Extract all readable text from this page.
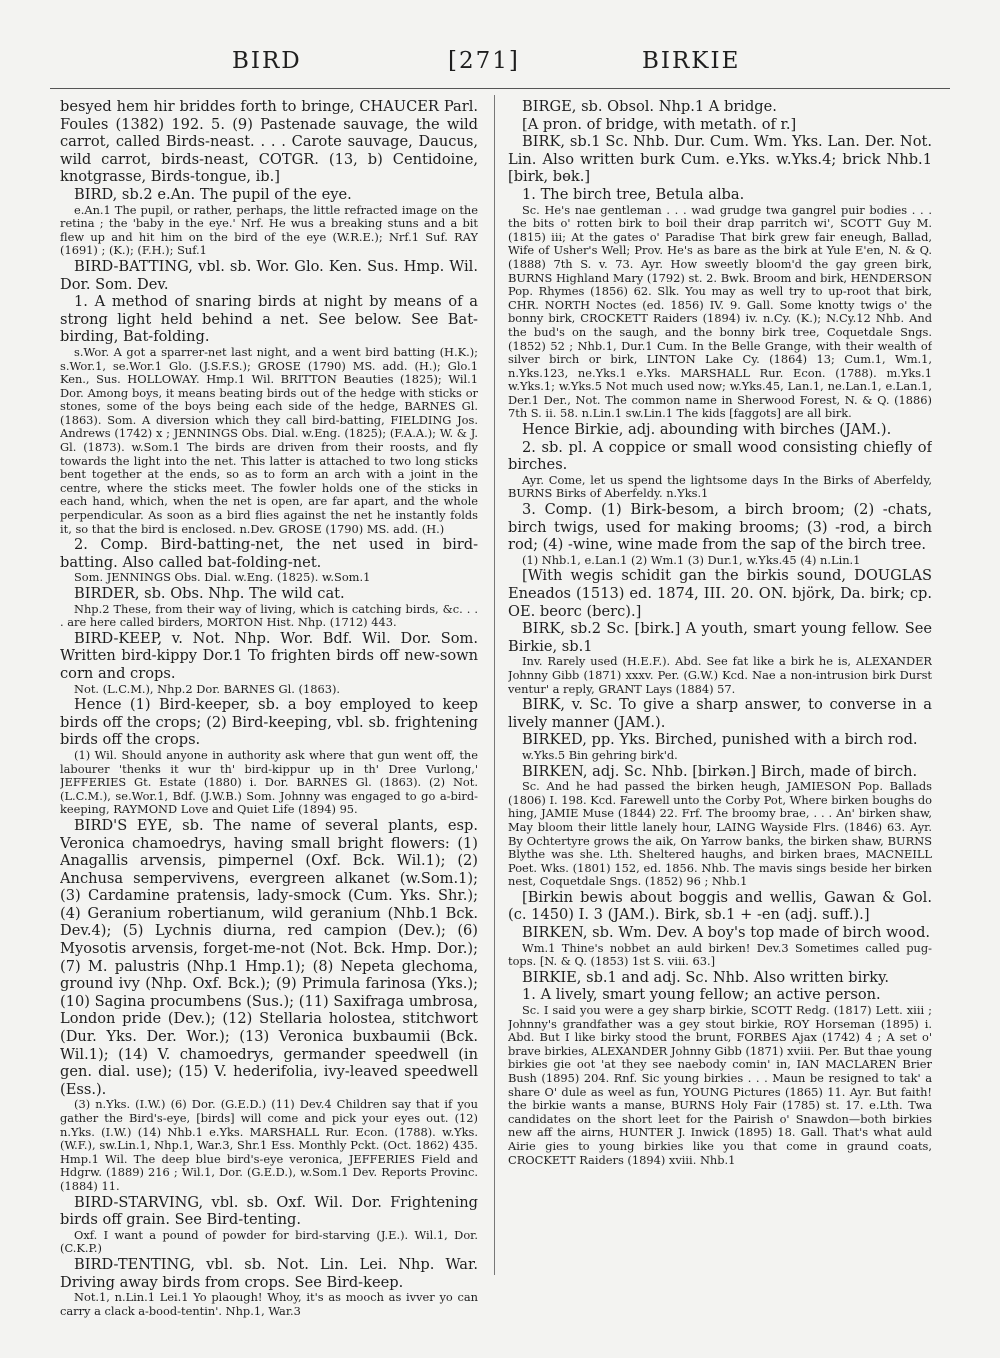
BIRD	[271]	BIRKIE

besyed hem hir briddes forth to bringe, CHAUCER Parl. Foules (1382) 192. 5. (9) Pastenade sauvage, the wild carrot, called Birds-neast. . . . Carote sauvage, Daucus, wild carrot, birds-neast, COTGR. (13, b) Centidoine, knotgrasse, Birds-tongue, ib.]

BIRD, sb.2 e.An. The pupil of the eye.

e.An.1 The pupil, or rather, perhaps, the little refracted image on the retina ; the 'baby in the eye.' Nrf. He wus a breaking stuns and a bit flew up and hit him on the bird of the eye (W.R.E.); Nrf.1 Suf. RAY (1691) ; (K.); (F.H.); Suf.1

BIRD-BATTING, vbl. sb. Wor. Glo. Ken. Sus. Hmp. Wil. Dor. Som. Dev.

1. A method of snaring birds at night by means of a strong light held behind a net. See below. See Bat-birding, Bat-folding.

s.Wor. A got a sparrer-net last night, and a went bird batting (H.K.); s.Wor.1, se.Wor.1 Glo. (J.S.F.S.); GROSE (1790) MS. add. (H.); Glo.1 Ken., Sus. HOLLOWAY. Hmp.1 Wil. BRITTON Beauties (1825); Wil.1 Dor. Among boys, it means beating birds out of the hedge with sticks or stones, some of the boys being each side of the hedge, BARNES Gl. (1863). Som. A diversion which they call bird-batting, FIELDING Jos. Andrews (1742) x ; JENNINGS Obs. Dial. w.Eng. (1825); (F.A.A.); W. & J. Gl. (1873). w.Som.1 The birds are driven from their roosts, and fly towards the light into the net. This latter is attached to two long sticks bent together at the ends, so as to form an arch with a joint in the centre, where the sticks meet. The fowler holds one of the sticks in each hand, which, when the net is open, are far apart, and the whole perpendicular. As soon as a bird flies against the net he instantly folds it, so that the bird is enclosed. n.Dev. GROSE (1790) MS. add. (H.)

2. Comp. Bird-batting-net, the net used in bird-batting. Also called bat-folding-net.

Som. JENNINGS Obs. Dial. w.Eng. (1825). w.Som.1

BIRDER, sb. Obs. Nhp. The wild cat.

Nhp.2 These, from their way of living, which is catching birds, &c. . . . are here called birders, MORTON Hist. Nhp. (1712) 443.

BIRD-KEEP, v. Not. Nhp. Wor. Bdf. Wil. Dor. Som. Written bird-kippy Dor.1 To frighten birds off new-sown corn and crops.

Not. (L.C.M.), Nhp.2 Dor. BARNES Gl. (1863).

Hence (1) Bird-keeper, sb. a boy employed to keep birds off the crops; (2) Bird-keeping, vbl. sb. frightening birds off the crops.

(1) Wil. Should anyone in authority ask where that gun went off, the labourer 'thenks it wur th' bird-kippur up in th' Dree Vurlong,' JEFFERIES Gt. Estate (1880) i. Dor. BARNES Gl. (1863). (2) Not. (L.C.M.), se.Wor.1, Bdf. (J.W.B.) Som. Johnny was engaged to go a-bird-keeping, RAYMOND Love and Quiet Life (1894) 95.

BIRD'S EYE, sb. The name of several plants, esp. Veronica chamoedrys, having small bright flowers: (1) Anagallis arvensis, pimpernel (Oxf. Bck. Wil.1); (2) Anchusa sempervivens, evergreen alkanet (w.Som.1); (3) Cardamine pratensis, lady-smock (Cum. Yks. Shr.); (4) Geranium robertianum, wild geranium (Nhb.1 Bck. Dev.4); (5) Lychnis diurna, red campion (Dev.); (6) Myosotis arvensis, forget-me-not (Not. Bck. Hmp. Dor.); (7) M. palustris (Nhp.1 Hmp.1); (8) Nepeta glechoma, ground ivy (Nhp. Oxf. Bck.); (9) Primula farinosa (Yks.); (10) Sagina procumbens (Sus.); (11) Saxifraga umbrosa, London pride (Dev.); (12) Stellaria holostea, stitchwort (Dur. Yks. Der. Wor.); (13) Veronica buxbaumii (Bck. Wil.1); (14) V. chamoedrys, germander speedwell (in gen. dial. use); (15) V. hederifolia, ivy-leaved speedwell (Ess.).

(3) n.Yks. (I.W.) (6) Dor. (G.E.D.) (11) Dev.4 Children say that if you gather the Bird's-eye, [birds] will come and pick your eyes out. (12) n.Yks. (I.W.) (14) Nhb.1 e.Yks. MARSHALL Rur. Econ. (1788). w.Yks. (W.F.), sw.Lin.1, Nhp.1, War.3, Shr.1 Ess. Monthly Pckt. (Oct. 1862) 435. Hmp.1 Wil. The deep blue bird's-eye veronica, JEFFERIES Field and Hdgrw. (1889) 216 ; Wil.1, Dor. (G.E.D.), w.Som.1 Dev. Reports Provinc. (1884) 11.

BIRD-STARVING, vbl. sb. Oxf. Wil. Dor. Frightening birds off grain. See Bird-tenting.

Oxf. I want a pound of powder for bird-starving (J.E.). Wil.1, Dor. (C.K.P.)

BIRD-TENTING, vbl. sb. Not. Lin. Lei. Nhp. War. Driving away birds from crops. See Bird-keep.

Not.1, n.Lin.1 Lei.1 Yo plaough! Whoy, it's as mooch as ivver yo can carry a clack a-bood-tentin'. Nhp.1, War.3

BIRGE, sb. Obsol. Nhp.1 A bridge.

[A pron. of bridge, with metath. of r.]

BIRK, sb.1 Sc. Nhb. Dur. Cum. Wm. Yks. Lan. Der. Not. Lin. Also written burk Cum. e.Yks. w.Yks.4; brick Nhb.1 [birk, bɵk.]

1. The birch tree, Betula alba.

Sc. He's nae gentleman . . . wad grudge twa gangrel puir bodies . . . the bits o' rotten birk to boil their drap parritch wi', SCOTT Guy M. (1815) iii; At the gates o' Paradise That birk grew fair eneugh, Ballad, Wife of Usher's Well; Prov. He's as bare as the birk at Yule E'en, N. & Q. (1888) 7th S. v. 73. Ayr. How sweetly bloom'd the gay green birk, BURNS Highland Mary (1792) st. 2. Bwk. Broom and birk, HENDERSON Pop. Rhymes (1856) 62. Slk. You may as well try to up-root that birk, CHR. NORTH Noctes (ed. 1856) IV. 9. Gall. Some knotty twigs o' the bonny birk, CROCKETT Raiders (1894) iv. n.Cy. (K.); N.Cy.12 Nhb. And the bud's on the saugh, and the bonny birk tree, Coquetdale Sngs. (1852) 52 ; Nhb.1, Dur.1 Cum. In the Belle Grange, with their wealth of silver birch or birk, LINTON Lake Cy. (1864) 13; Cum.1, Wm.1, n.Yks.123, ne.Yks.1 e.Yks. MARSHALL Rur. Econ. (1788). m.Yks.1 w.Yks.1; w.Yks.5 Not much used now; w.Yks.45, Lan.1, ne.Lan.1, e.Lan.1, Der.1 Der., Not. The common name in Sherwood Forest, N. & Q. (1886) 7th S. ii. 58. n.Lin.1 sw.Lin.1 The kids [faggots] are all birk.

Hence Birkie, adj. abounding with birches (JAM.).

2. sb. pl. A coppice or small wood consisting chiefly of birches.

Ayr. Come, let us spend the lightsome days In the Birks of Aberfeldy, BURNS Birks of Aberfeldy. n.Yks.1

3. Comp. (1) Birk-besom, a birch broom; (2) -chats, birch twigs, used for making brooms; (3) -rod, a birch rod; (4) -wine, wine made from the sap of the birch tree.

(1) Nhb.1, e.Lan.1 (2) Wm.1 (3) Dur.1, w.Yks.45 (4) n.Lin.1

[With wegis schidit gan the birkis sound, DOUGLAS Eneados (1513) ed. 1874, III. 20. ON. björk, Da. birk; cp. OE. beorc (berc).]

BIRK, sb.2 Sc. [birk.] A youth, smart young fellow. See Birkie, sb.1

Inv. Rarely used (H.E.F.). Abd. See fat like a birk he is, ALEXANDER Johnny Gibb (1871) xxxv. Per. (G.W.) Kcd. Nae a non-intrusion birk Durst ventur' a reply, GRANT Lays (1884) 57.

BIRK, v. Sc. To give a sharp answer, to converse in a lively manner (JAM.).

BIRKED, pp. Yks. Birched, punished with a birch rod.

w.Yks.5 Bin gehring birk'd.

BIRKEN, adj. Sc. Nhb. [birkən.] Birch, made of birch.

Sc. And he had passed the birken heugh, JAMIESON Pop. Ballads (1806) I. 198. Kcd. Farewell unto the Corby Pot, Where birken boughs do hing, JAMIE Muse (1844) 22. Frf. The broomy brae, . . . An' birken shaw, May bloom their little lanely hour, LAING Wayside Flrs. (1846) 63. Ayr. By Ochtertyre grows the aik, On Yarrow banks, the birken shaw, BURNS Blythe was she. Lth. Sheltered haughs, and birken braes, MACNEILL Poet. Wks. (1801) 152, ed. 1856. Nhb. The mavis sings beside her birken nest, Coquetdale Sngs. (1852) 96 ; Nhb.1

[Birkin bewis about boggis and wellis, Gawan & Gol. (c. 1450) I. 3 (JAM.). Birk, sb.1 + -en (adj. suff.).]

BIRKEN, sb. Wm. Dev. A boy's top made of birch wood.

Wm.1 Thine's nobbet an auld birken! Dev.3 Sometimes called pug-tops. [N. & Q. (1853) 1st S. viii. 63.]

BIRKIE, sb.1 and adj. Sc. Nhb. Also written birky.

1. A lively, smart young fellow; an active person.

Sc. I said you were a gey sharp birkie, SCOTT Redg. (1817) Lett. xiii ; Johnny's grandfather was a gey stout birkie, ROY Horseman (1895) i. Abd. But I like birky stood the brunt, FORBES Ajax (1742) 4 ; A set o' brave birkies, ALEXANDER Johnny Gibb (1871) xviii. Per. But thae young birkies gie oot 'at they see naebody comin' in, IAN MACLAREN Brier Bush (1895) 204. Rnf. Sic young birkies . . . Maun be resigned to tak' a share O' dule as weel as fun, YOUNG Pictures (1865) 11. Ayr. But faith! the birkie wants a manse, BURNS Holy Fair (1785) st. 17. e.Lth. Twa candidates on the short leet for the Pairish o' Snawdon—both birkies new aff the airns, HUNTER J. Inwick (1895) 18. Gall. That's what auld Airie gies to young birkies like you that come in graund coats, CROCKETT Raiders (1894) xviii. Nhb.1
